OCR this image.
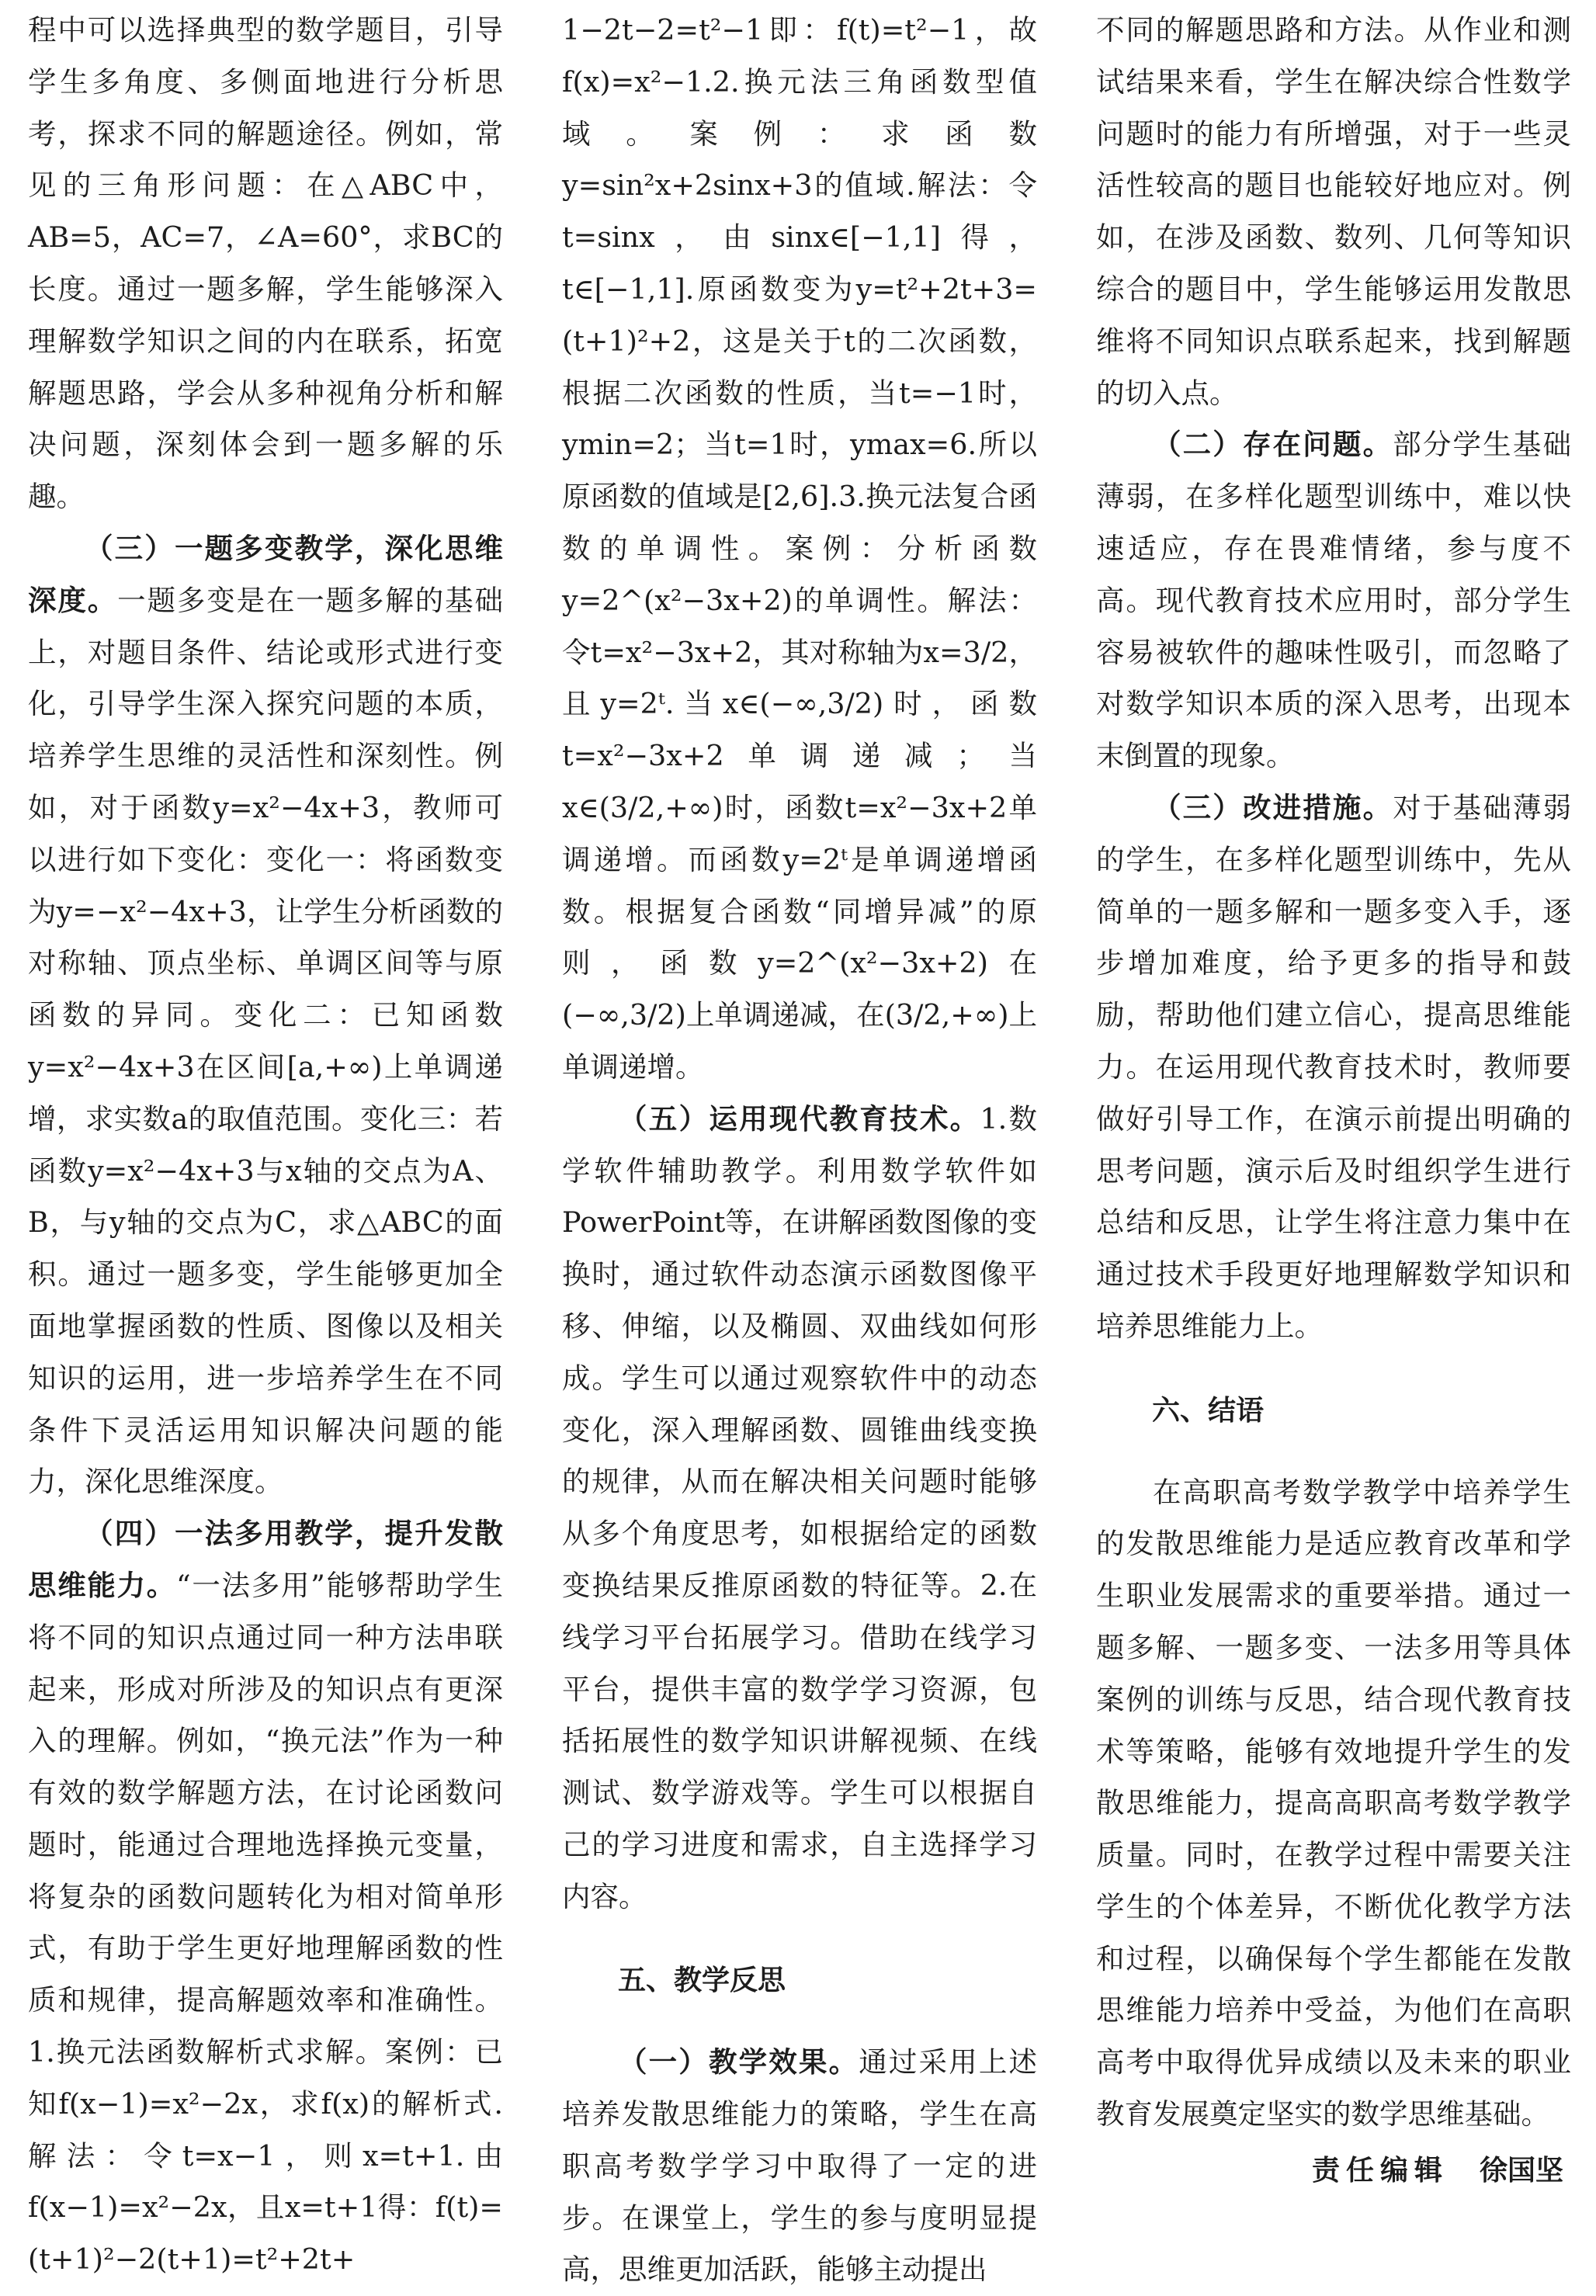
程中可以选择典型的数学题目，引导学生多角度、多侧面地进行分析思考，探求不同的解题途径。例如，常见的三角形问题：在△ABC中，AB=5，AC=7，∠A=60°，求BC的长度。通过一题多解，学生能够深入理解数学知识之间的内在联系，拓宽解题思路，学会从多种视角分析和解决问题，深刻体会到一题多解的乐趣。

（三）一题多变教学，深化思维深度。一题多变是在一题多解的基础上，对题目条件、结论或形式进行变化，引导学生深入探究问题的本质，培养学生思维的灵活性和深刻性。例如，对于函数y=x²−4x+3，教师可以进行如下变化：变化一：将函数变为y=−x²−4x+3，让学生分析函数的对称轴、顶点坐标、单调区间等与原函数的异同。变化二：已知函数y=x²−4x+3在区间[a,+∞)上单调递增，求实数a的取值范围。变化三：若函数y=x²−4x+3与x轴的交点为A、B，与y轴的交点为C，求△ABC的面积。通过一题多变，学生能够更加全面地掌握函数的性质、图像以及相关知识的运用，进一步培养学生在不同条件下灵活运用知识解决问题的能力，深化思维深度。

（四）一法多用教学，提升发散思维能力。“一法多用”能够帮助学生将不同的知识点通过同一种方法串联起来，形成对所涉及的知识点有更深入的理解。例如，“换元法”作为一种有效的数学解题方法，在讨论函数问题时，能通过合理地选择换元变量，将复杂的函数问题转化为相对简单形式，有助于学生更好地理解函数的性质和规律，提高解题效率和准确性。1.换元法函数解析式求解。案例：已知f(x−1)=x²−2x，求f(x)的解析式.解法：令t=x−1，则x=t+1.由f(x−1)=x²−2x，且x=t+1得：f(t)=(t+1)²−2(t+1)=t²+2t+

1−2t−2=t²−1即：f(t)=t²−1，故f(x)=x²−1.2.换元法三角函数型值域。案例：求函数y=sin²x+2sinx+3的值域.解法：令t=sinx，由sinx∈[−1,1]得，t∈[−1,1].原函数变为y=t²+2t+3=(t+1)²+2，这是关于t的二次函数，根据二次函数的性质，当t=−1时，ymin=2；当t=1时，ymax=6.所以原函数的值域是[2,6].3.换元法复合函数的单调性。案例：分析函数y=2^(x²−3x+2)的单调性。解法：令t=x²−3x+2，其对称轴为x=3/2，且y=2ᵗ.当x∈(−∞,3/2)时，函数t=x²−3x+2单调递减；当x∈(3/2,+∞)时，函数t=x²−3x+2单调递增。而函数y=2ᵗ是单调递增函数。根据复合函数“同增异减”的原则，函数y=2^(x²−3x+2)在(−∞,3/2)上单调递减，在(3/2,+∞)上单调递增。

（五）运用现代教育技术。1.数学软件辅助教学。利用数学软件如PowerPoint等，在讲解函数图像的变换时，通过软件动态演示函数图像平移、伸缩，以及椭圆、双曲线如何形成。学生可以通过观察软件中的动态变化，深入理解函数、圆锥曲线变换的规律，从而在解决相关问题时能够从多个角度思考，如根据给定的函数变换结果反推原函数的特征等。2.在线学习平台拓展学习。借助在线学习平台，提供丰富的数学学习资源，包括拓展性的数学知识讲解视频、在线测试、数学游戏等。学生可以根据自己的学习进度和需求，自主选择学习内容。

五、教学反思

（一）教学效果。通过采用上述培养发散思维能力的策略，学生在高职高考数学学习中取得了一定的进步。在课堂上，学生的参与度明显提高，思维更加活跃，能够主动提出

不同的解题思路和方法。从作业和测试结果来看，学生在解决综合性数学问题时的能力有所增强，对于一些灵活性较高的题目也能较好地应对。例如，在涉及函数、数列、几何等知识综合的题目中，学生能够运用发散思维将不同知识点联系起来，找到解题的切入点。

（二）存在问题。部分学生基础薄弱，在多样化题型训练中，难以快速适应，存在畏难情绪，参与度不高。现代教育技术应用时，部分学生容易被软件的趣味性吸引，而忽略了对数学知识本质的深入思考，出现本末倒置的现象。

（三）改进措施。对于基础薄弱的学生，在多样化题型训练中，先从简单的一题多解和一题多变入手，逐步增加难度，给予更多的指导和鼓励，帮助他们建立信心，提高思维能力。在运用现代教育技术时，教师要做好引导工作，在演示前提出明确的思考问题，演示后及时组织学生进行总结和反思，让学生将注意力集中在通过技术手段更好地理解数学知识和培养思维能力上。

六、结语

在高职高考数学教学中培养学生的发散思维能力是适应教育改革和学生职业发展需求的重要举措。通过一题多解、一题多变、一法多用等具体案例的训练与反思，结合现代教育技术等策略，能够有效地提升学生的发散思维能力，提高高职高考数学教学质量。同时，在教学过程中需要关注学生的个体差异，不断优化教学方法和过程，以确保每个学生都能在发散思维能力培养中受益，为他们在高职高考中取得优异成绩以及未来的职业教育发展奠定坚实的数学思维基础。

责任编辑 徐国坚
